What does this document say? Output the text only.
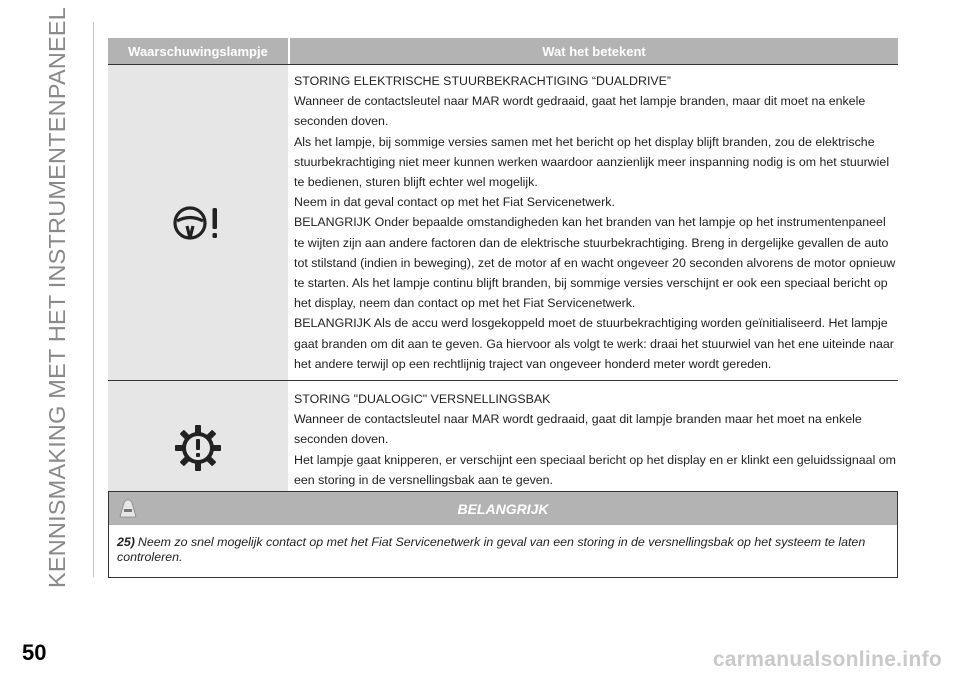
KENNISMAKING MET HET INSTRUMENTENPANEEL	Waarschuwingslampje	Wat het betekent

STORING ELEKTRISCHE STUURBEKRACHTIGING “DUALDRIVE”

Wanneer de contactsleutel naar MAR wordt gedraaid, gaat het lampje branden, maar dit moet na enkele seconden doven.

Als het lampje, bij sommige versies samen met het bericht op het display blijft branden, zou de elektrische stuurbekrachtiging niet meer kunnen werken waardoor aanzienlijk meer inspanning nodig is om het stuurwiel te bedienen, sturen blijft echter wel mogelijk.

Neem in dat geval contact op met het Fiat Servicenetwerk.

BELANGRIJK Onder bepaalde omstandigheden kan het branden van het lampje op het instrumentenpaneel te wijten zijn aan andere factoren dan de elektrische stuurbekrachtiging. Breng in dergelijke gevallen de auto tot stilstand (indien in beweging), zet de motor af en wacht ongeveer 20 seconden alvorens de motor opnieuw te starten. Als het lampje continu blijft branden, bij sommige versies verschijnt er ook een speciaal bericht op het display, neem dan contact op met het Fiat Servicenetwerk.

BELANGRIJK Als de accu werd losgekoppeld moet de stuurbekrachtiging worden geïnitialiseerd. Het lampje gaat branden om dit aan te geven. Ga hiervoor als volgt te werk: draai het stuurwiel van het ene uiteinde naar het andere terwijl op een rechtlijnig traject van ongeveer honderd meter wordt gereden.

STORING "DUALOGIC" VERSNELLINGSBAK

Wanneer de contactsleutel naar MAR wordt gedraaid, gaat dit lampje branden maar het moet na enkele seconden doven.

Het lampje gaat knipperen, er verschijnt een speciaal bericht op het display en er klinkt een geluidssignaal om een storing in de versnellingsbak aan te geven.

BELANGRIJK
25) Neem zo snel mogelijk contact op met het Fiat Servicenetwerk in geval van een storing in de versnellingsbak op het systeem te laten controleren.
50	carmanualsonline.info
